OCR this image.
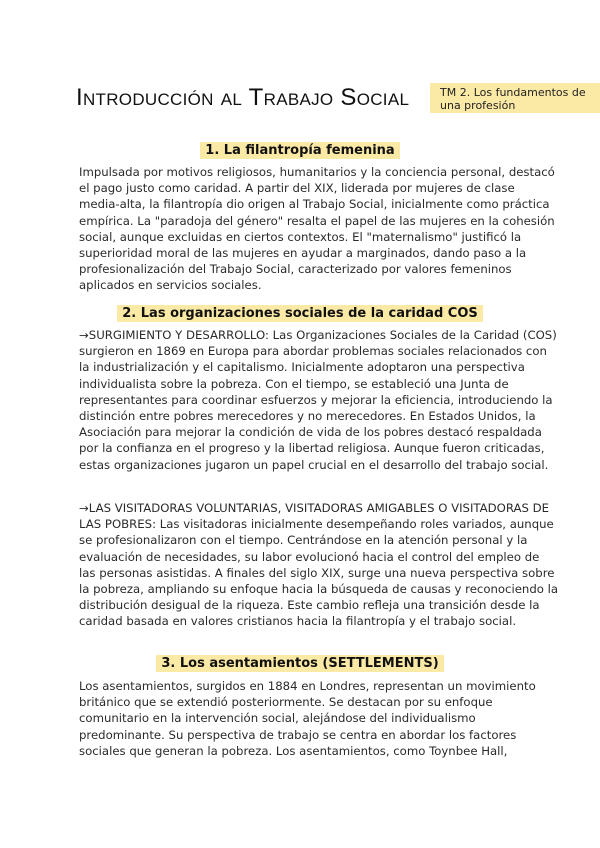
Introducción al Trabajo Social	TM 2. Los fundamentos de una profesión
1. La filantropía femenina

Impulsada por motivos religiosos, humanitarios y la conciencia personal, destacó el pago justo como caridad. A partir del XIX, liderada por mujeres de clase media-alta, la filantropía dio origen al Trabajo Social, inicialmente como práctica empírica. La "paradoja del género" resalta el papel de las mujeres en la cohesión social, aunque excluidas en ciertos contextos. El "maternalismo" justificó la superioridad moral de las mujeres en ayudar a marginados, dando paso a la profesionalización del Trabajo Social, caracterizado por valores femeninos aplicados en servicios sociales.

2. Las organizaciones sociales de la caridad COS

→SURGIMIENTO Y DESARROLLO: Las Organizaciones Sociales de la Caridad (COS) surgieron en 1869 en Europa para abordar problemas sociales relacionados con la industrialización y el capitalismo. Inicialmente adoptaron una perspectiva individualista sobre la pobreza. Con el tiempo, se estableció una Junta de representantes para coordinar esfuerzos y mejorar la eficiencia, introduciendo la distinción entre pobres merecedores y no merecedores. En Estados Unidos, la Asociación para mejorar la condición de vida de los pobres destacó respaldada por la confianza en el progreso y la libertad religiosa. Aunque fueron criticadas, estas organizaciones jugaron un papel crucial en el desarrollo del trabajo social.

→LAS VISITADORAS VOLUNTARIAS, VISITADORAS AMIGABLES O VISITADORAS DE LAS POBRES: Las visitadoras inicialmente desempeñando roles variados, aunque se profesionalizaron con el tiempo. Centrándose en la atención personal y la evaluación de necesidades, su labor evolucionó hacia el control del empleo de las personas asistidas. A finales del siglo XIX, surge una nueva perspectiva sobre la pobreza, ampliando su enfoque hacia la búsqueda de causas y reconociendo la distribución desigual de la riqueza. Este cambio refleja una transición desde la caridad basada en valores cristianos hacia la filantropía y el trabajo social.

3. Los asentamientos (SETTLEMENTS)

Los asentamientos, surgidos en 1884 en Londres, representan un movimiento británico que se extendió posteriormente. Se destacan por su enfoque comunitario en la intervención social, alejándose del individualismo predominante. Su perspectiva de trabajo se centra en abordar los factores sociales que generan la pobreza. Los asentamientos, como Toynbee Hall,
